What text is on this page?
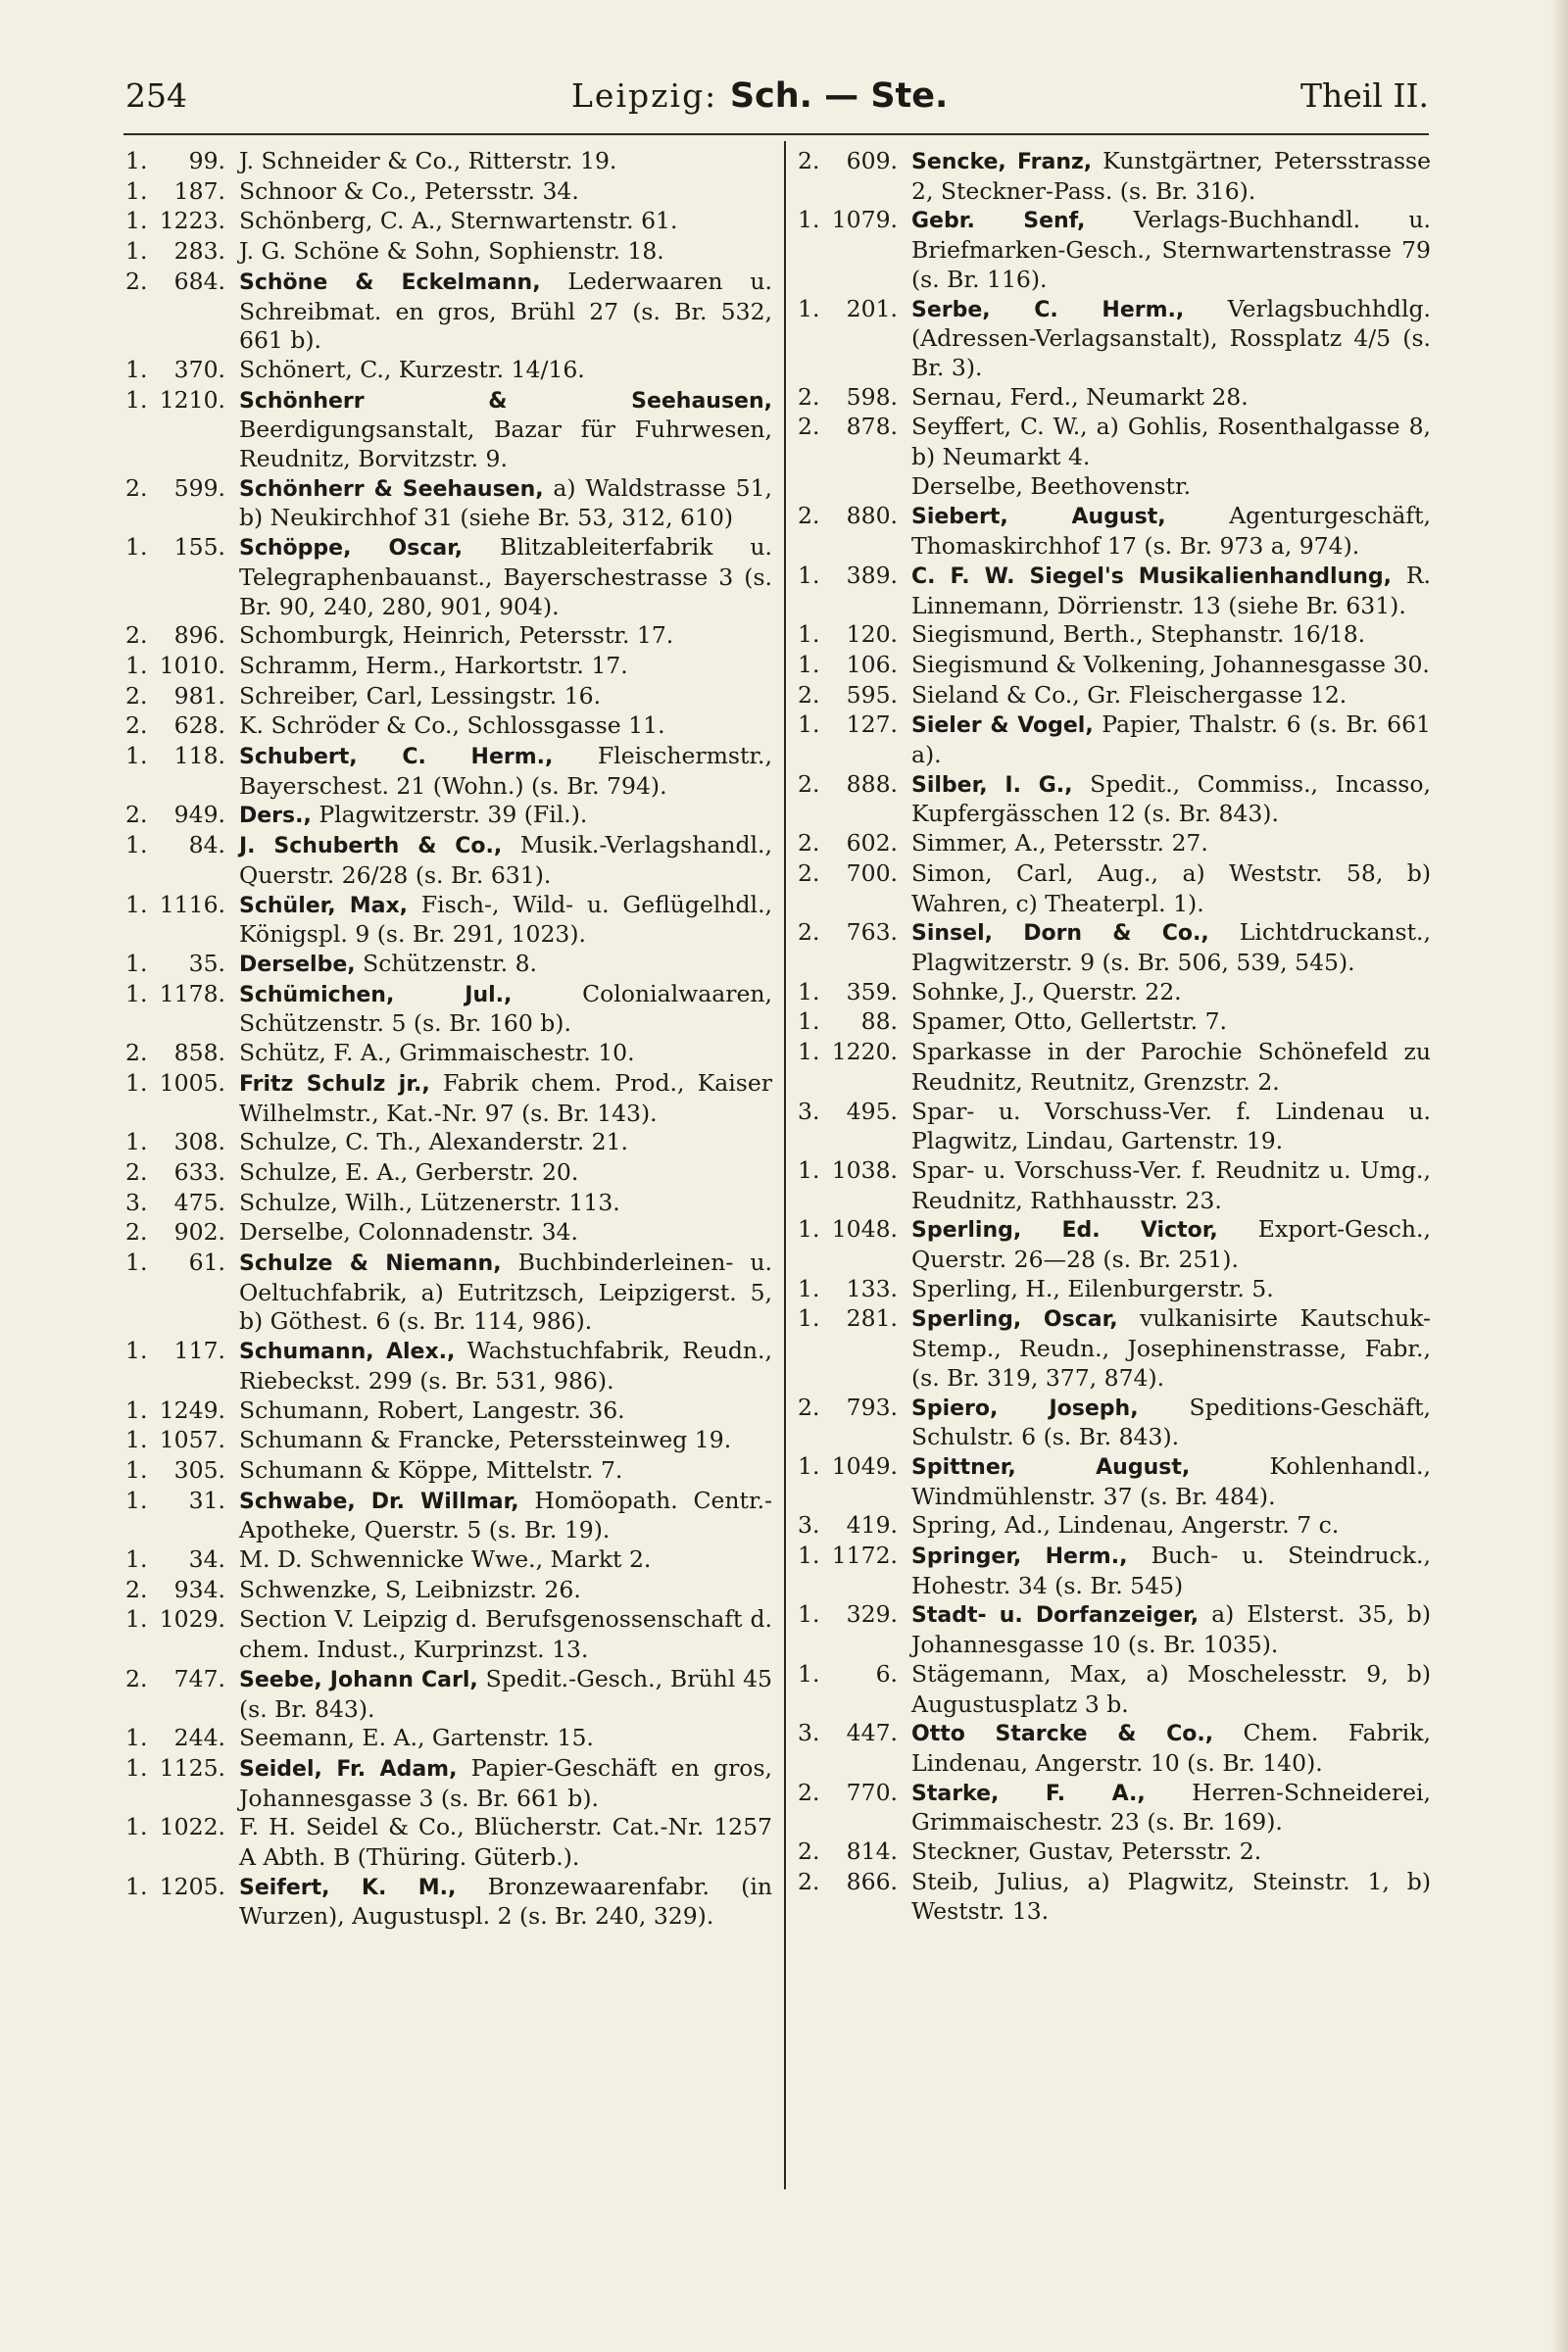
254	Leipzig: Sch. — Ste.	Theil II.
1.	99. J. Schneider & Co., Ritterstr. 19.
1.	187. Schnoor & Co., Petersstr. 34.
1. 1223. Schönberg, C. A., Sternwartenstr. 61.
1.	283. J. G. Schöne & Sohn, Sophienstr. 18.
2.	684. Schöne & Eckelmann, Lederwaaren u. Schreibmat. en gros, Brühl 27 (s. Br. 532, 661 b).
1.	370. Schönert, C., Kurzestr. 14/16.
1. 1210. Schönherr & Seehausen, Beerdigungsanstalt, Bazar für Fuhrwesen, Reudnitz, Borvitzstr. 9.
2.	599. Schönherr & Seehausen, a) Waldstrasse 51, b) Neukirchhof 31 (siehe Br. 53, 312, 610)
1.	155. Schöppe, Oscar, Blitzableiterfabrik u. Telegraphenbauanst., Bayerschestrasse 3 (s. Br. 90, 240, 280, 901, 904).
2.	896. Schomburgk, Heinrich, Petersstr. 17.
1. 1010. Schramm, Herm., Harkortstr. 17.
2.	981. Schreiber, Carl, Lessingstr. 16.
2.	628. K. Schröder & Co., Schlossgasse 11.
1.	118. Schubert, C. Herm., Fleischermstr., Bayerschest. 21 (Wohn.) (s. Br. 794).
2.	949. Ders., Plagwitzerstr. 39 (Fil.).
1.	84. J. Schuberth & Co., Musik.-Verlagshandl., Querstr. 26/28 (s. Br. 631).
1. 1116. Schüler, Max, Fisch-, Wild- u. Geflügelhdl., Königspl. 9 (s. Br. 291, 1023).
1.	35. Derselbe, Schützenstr. 8.
1. 1178. Schümichen, Jul., Colonialwaaren, Schützenstr. 5 (s. Br. 160 b).
2.	858. Schütz, F. A., Grimmaischestr. 10.
1. 1005. Fritz Schulz jr., Fabrik chem. Prod., Kaiser Wilhelmstr., Kat.-Nr. 97 (s. Br. 143).
1.	308. Schulze, C. Th., Alexanderstr. 21.
2.	633. Schulze, E. A., Gerberstr. 20.
3.	475. Schulze, Wilh., Lützenerstr. 113.
2.	902. Derselbe, Colonnadenstr. 34.
1.	61. Schulze & Niemann, Buchbinderleinen- u. Oeltuchfabrik, a) Eutritzsch, Leipzigerst. 5, b) Göthest. 6 (s. Br. 114, 986).
1.	117. Schumann, Alex., Wachstuchfabrik, Reudn., Riebeckst. 299 (s. Br. 531, 986).
1. 1249. Schumann, Robert, Langestr. 36.
1. 1057. Schumann & Francke, Peterssteinweg 19.
1.	305. Schumann & Köppe, Mittelstr. 7.
1.	31. Schwabe, Dr. Willmar, Homöopath. Centr.-Apotheke, Querstr. 5 (s. Br. 19).
1.	34. M. D. Schwennicke Wwe., Markt 2.
2.	934. Schwenzke, S, Leibnizstr. 26.
1. 1029. Section V. Leipzig d. Berufsgenossenschaft d. chem. Indust., Kurprinzst. 13.
2.	747. Seebe, Johann Carl, Spedit.-Gesch., Brühl 45 (s. Br. 843).
1.	244. Seemann, E. A., Gartenstr. 15.
1. 1125. Seidel, Fr. Adam, Papier-Geschäft en gros, Johannesgasse 3 (s. Br. 661 b).
1. 1022. F. H. Seidel & Co., Blücherstr. Cat.-Nr. 1257 A Abth. B (Thüring. Güterb.).
1. 1205. Seifert, K. M., Bronzewaarenfabr. (in Wurzen), Augustuspl. 2 (s. Br. 240, 329).
2.	609. Sencke, Franz, Kunstgärtner, Petersstrasse 2, Steckner-Pass. (s. Br. 316).
1. 1079. Gebr. Senf, Verlags-Buchhandl. u. Briefmarken-Gesch., Sternwartenstrasse 79 (s. Br. 116).
1.	201. Serbe, C. Herm., Verlagsbuchhdlg. (Adressen-Verlagsanstalt), Rossplatz 4/5 (s. Br. 3).
2.	598. Sernau, Ferd., Neumarkt 28.
2.	878. Seyffert, C. W., a) Gohlis, Rosenthalgasse 8, b) Neumarkt 4.
Derselbe, Beethovenstr.
2.	880. Siebert, August, Agenturgeschäft, Thomaskirchhof 17 (s. Br. 973 a, 974).
1.	389. C. F. W. Siegel's Musikalienhandlung, R. Linnemann, Dörrienstr. 13 (siehe Br. 631).
1.	120. Siegismund, Berth., Stephanstr. 16/18.
1.	106. Siegismund & Volkening, Johannesgasse 30.
2.	595. Sieland & Co., Gr. Fleischergasse 12.
1.	127. Sieler & Vogel, Papier, Thalstr. 6 (s. Br. 661 a).
2.	888. Silber, I. G., Spedit., Commiss., Incasso, Kupfergässchen 12 (s. Br. 843).
2.	602. Simmer, A., Petersstr. 27.
2.	700. Simon, Carl, Aug., a) Weststr. 58, b) Wahren, c) Theaterpl. 1).
2.	763. Sinsel, Dorn & Co., Lichtdruckanst., Plagwitzerstr. 9 (s. Br. 506, 539, 545).
1.	359. Sohnke, J., Querstr. 22.
1.	88. Spamer, Otto, Gellertstr. 7.
1. 1220. Sparkasse in der Parochie Schönefeld zu Reudnitz, Reutnitz, Grenzstr. 2.
3.	495. Spar- u. Vorschuss-Ver. f. Lindenau u. Plagwitz, Lindau, Gartenstr. 19.
1. 1038. Spar- u. Vorschuss-Ver. f. Reudnitz u. Umg., Reudnitz, Rathhausstr. 23.
1. 1048. Sperling, Ed. Victor, Export-Gesch., Querstr. 26—28 (s. Br. 251).
1.	133. Sperling, H., Eilenburgerstr. 5.
1.	281. Sperling, Oscar, vulkanisirte Kautschuk-Stemp., Reudn., Josephinenstrasse, Fabr., (s. Br. 319, 377, 874).
2.	793. Spiero, Joseph, Speditions-Geschäft, Schulstr. 6 (s. Br. 843).
1. 1049. Spittner, August, Kohlenhandl., Windmühlenstr. 37 (s. Br. 484).
3.	419. Spring, Ad., Lindenau, Angerstr. 7 c.
1. 1172. Springer, Herm., Buch- u. Steindruck., Hohestr. 34 (s. Br. 545)
1.	329. Stadt- u. Dorfanzeiger, a) Elsterst. 35, b) Johannesgasse 10 (s. Br. 1035).
1.	6. Stägemann, Max, a) Moschelesstr. 9, b) Augustusplatz 3 b.
3.	447. Otto Starcke & Co., Chem. Fabrik, Lindenau, Angerstr. 10 (s. Br. 140).
2.	770. Starke, F. A., Herren-Schneiderei, Grimmaischestr. 23 (s. Br. 169).
2.	814. Steckner, Gustav, Petersstr. 2.
2.	866. Steib, Julius, a) Plagwitz, Steinstr. 1, b) Weststr. 13.
